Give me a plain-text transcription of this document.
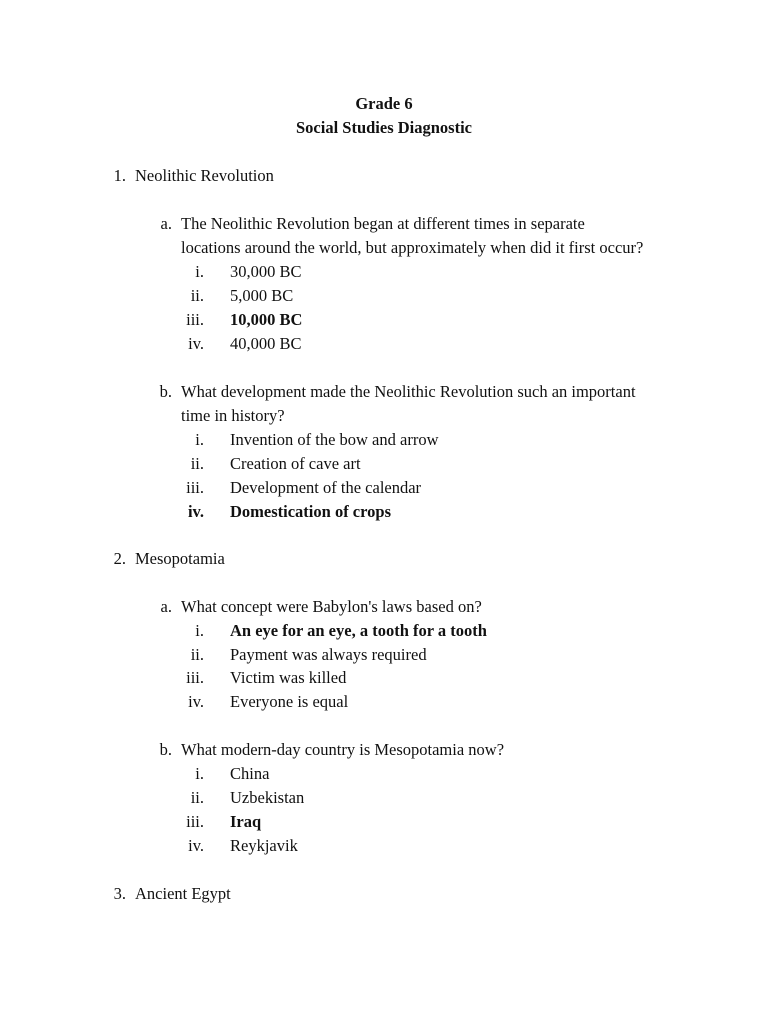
Grade 6
Social Studies Diagnostic
1. Neolithic Revolution
a. The Neolithic Revolution began at different times in separate
locations around the world, but approximately when did it first occur?
i. 30,000 BC
ii. 5,000 BC
iii. 10,000 BC
iv. 40,000 BC
b. What development made the Neolithic Revolution such an important
time in history?
i. Invention of the bow and arrow
ii. Creation of cave art
iii. Development of the calendar
iv. Domestication of crops
2. Mesopotamia
a. What concept were Babylon's laws based on?
i. An eye for an eye, a tooth for a tooth
ii. Payment was always required
iii. Victim was killed
iv. Everyone is equal
b. What modern-day country is Mesopotamia now?
i. China
ii. Uzbekistan
iii. Iraq
iv. Reykjavik
3. Ancient Egypt
